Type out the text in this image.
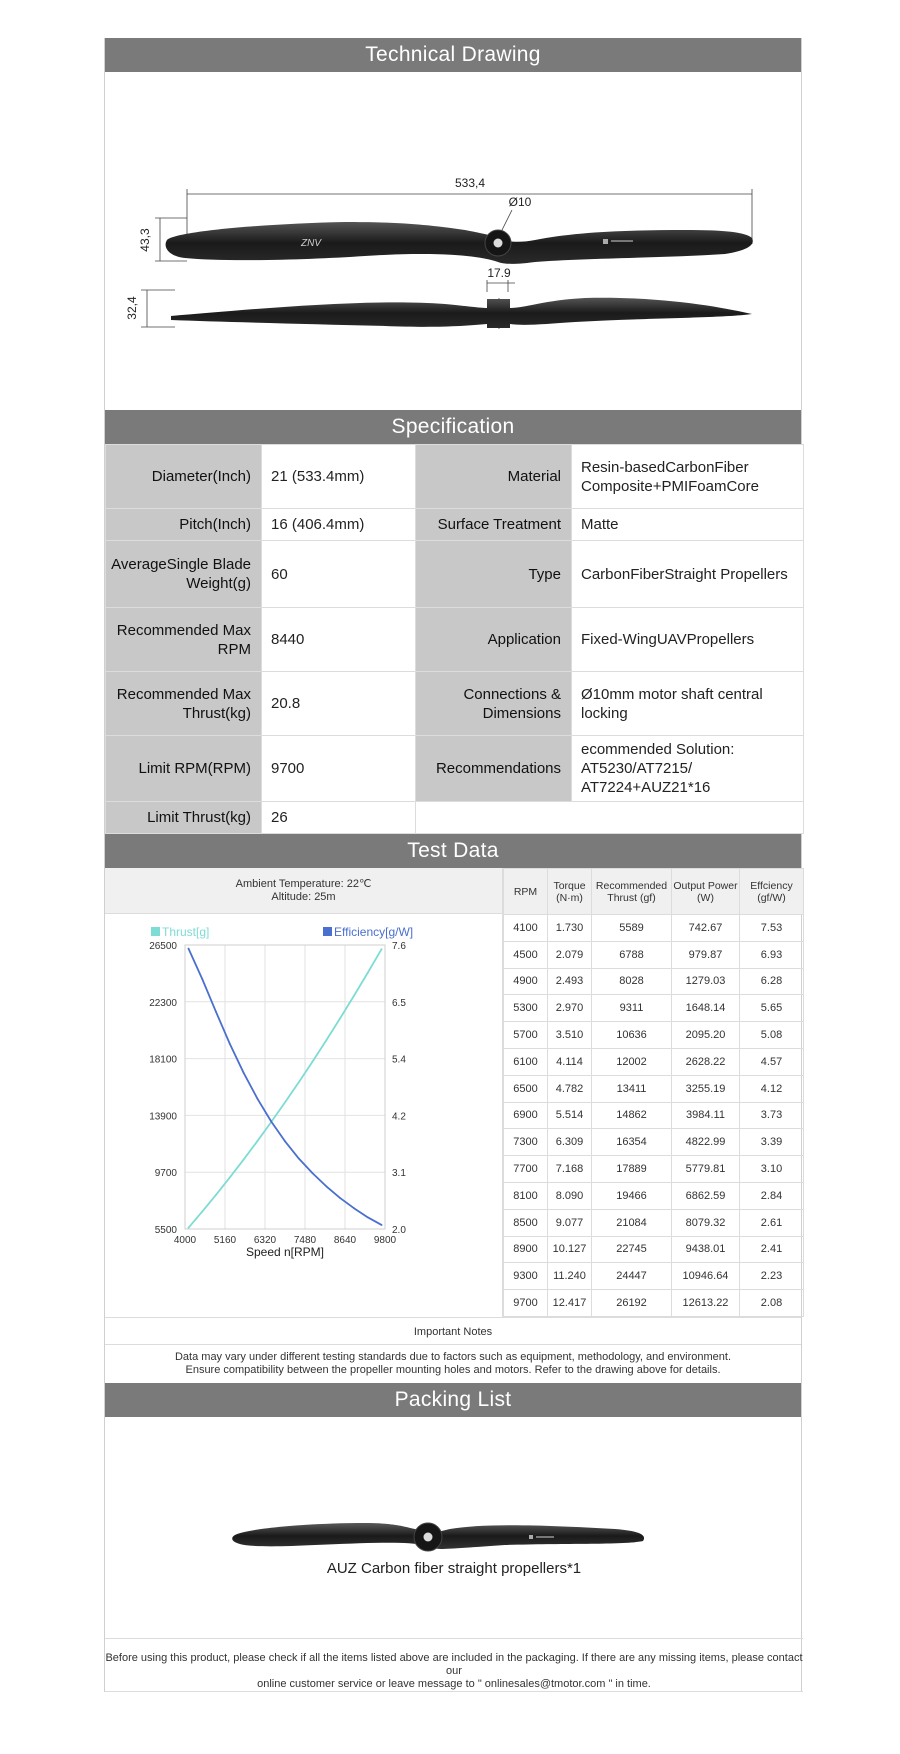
Technical Drawing
533,4
Ø10
43,3	ZNV
32,4
17.9
Specification
Diameter(Inch)	21 (533.4mm)	Material	Resin-basedCarbonFiber Composite+PMIFoamCore
Pitch(Inch)	16 (406.4mm)	Surface Treatment	Matte
AverageSingle Blade Weight(g)	60	Type	CarbonFiberStraight Propellers
Recommended Max RPM	8440	Application	Fixed-WingUAVPropellers
Recommended Max Thrust(kg)	20.8	Connections & Dimensions	Ø10mm motor shaft central locking
Limit RPM(RPM)	9700	Recommendations	ecommended Solution: AT5230/AT7215/ AT7224+AUZ21*16
Limit Thrust(kg)	26		
Test Data
Ambient Temperature: 22℃
Altitude: 25m
26500
22300
18100
13900
9700
5500
7.6
6.5
5.4
4.2
3.1
2.0
4000 5160 6320 7480 8640 9800
Speed n[RPM]
Thrust[g]	Efficiency[g/W]
RPM	Torque (N·m)	Recommended Thrust (gf)	Output Power (W)	Effciency (gf/W)
4100	1.730	5589	742.67	7.53
4500	2.079	6788	979.87	6.93
4900	2.493	8028	1279.03	6.28
5300	2.970	9311	1648.14	5.65
5700	3.510	10636	2095.20	5.08
6100	4.114	12002	2628.22	4.57
6500	4.782	13411	3255.19	4.12
6900	5.514	14862	3984.11	3.73
7300	6.309	16354	4822.99	3.39
7700	7.168	17889	5779.81	3.10
8100	8.090	19466	6862.59	2.84
8500	9.077	21084	8079.32	2.61
8900	10.127	22745	9438.01	2.41
9300	11.240	24447	10946.64	2.23
9700	12.417	26192	12613.22	2.08
Important Notes
Data may vary under different testing standards due to factors such as equipment, methodology, and environment.
Ensure compatibility between the propeller mounting holes and motors. Refer to the drawing above for details.
Packing List
AUZ Carbon fiber straight propellers*1
Before using this product, please check if all the items listed above are included in the packaging. If there are any missing items, please contact our
online customer service or leave message to " onlinesales@tmotor.com " in time.
